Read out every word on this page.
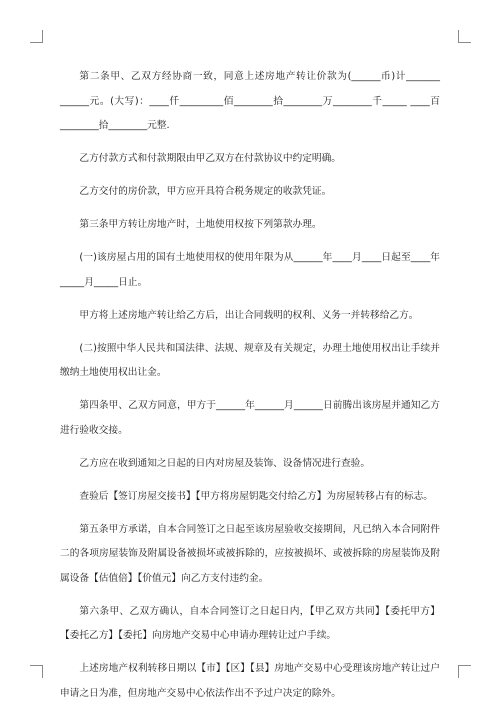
第二条甲、乙双方经协商一致，同意上述房地产转让价款为(______币)计_______ ______元。(大写)：____仟_________佰________拾________万________千_____ ____百________拾________元整.

乙方付款方式和付款期限由甲乙双方在付款协议中约定明确。

乙方交付的房价款，甲方应开具符合税务规定的收款凭证。

第三条甲方转让房地产时，土地使用权按下列第款办理。

(一)该房屋占用的国有土地使用权的使用年限为从______年____月____日起至____年_____月_____日止。

甲方将上述房地产转让给乙方后，出让合同载明的权利、义务一并转移给乙方。

(二)按照中华人民共和国法律、法规、规章及有关规定，办理土地使用权出让手续并缴纳土地使用权出让金。

第四条甲、乙双方同意，甲方于______年______月______日前腾出该房屋并通知乙方进行验收交接。

乙方应在收到通知之日起的日内对房屋及装饰、设备情况进行查验。

查验后【签订房屋交接书】【甲方将房屋钥匙交付给乙方】为房屋转移占有的标志。

第五条甲方承诺，自本合同签订之日起至该房屋验收交接期间，凡已纳入本合同附件二的各项房屋装饰及附属设备被损坏或被拆除的，应按被损坏、或被拆除的房屋装饰及附属设备【估值倍】【价值元】向乙方支付违约金。

第六条甲、乙双方确认，自本合同签订之日起日内，【甲乙双方共同】【委托甲方】【委托乙方】【委托】向房地产交易中心申请办理转让过户手续。

上述房地产权利转移日期以【市】【区】【县】房地产交易中心受理该房地产转让过户申请之日为准，但房地产交易中心依法作出不予过户决定的除外。
